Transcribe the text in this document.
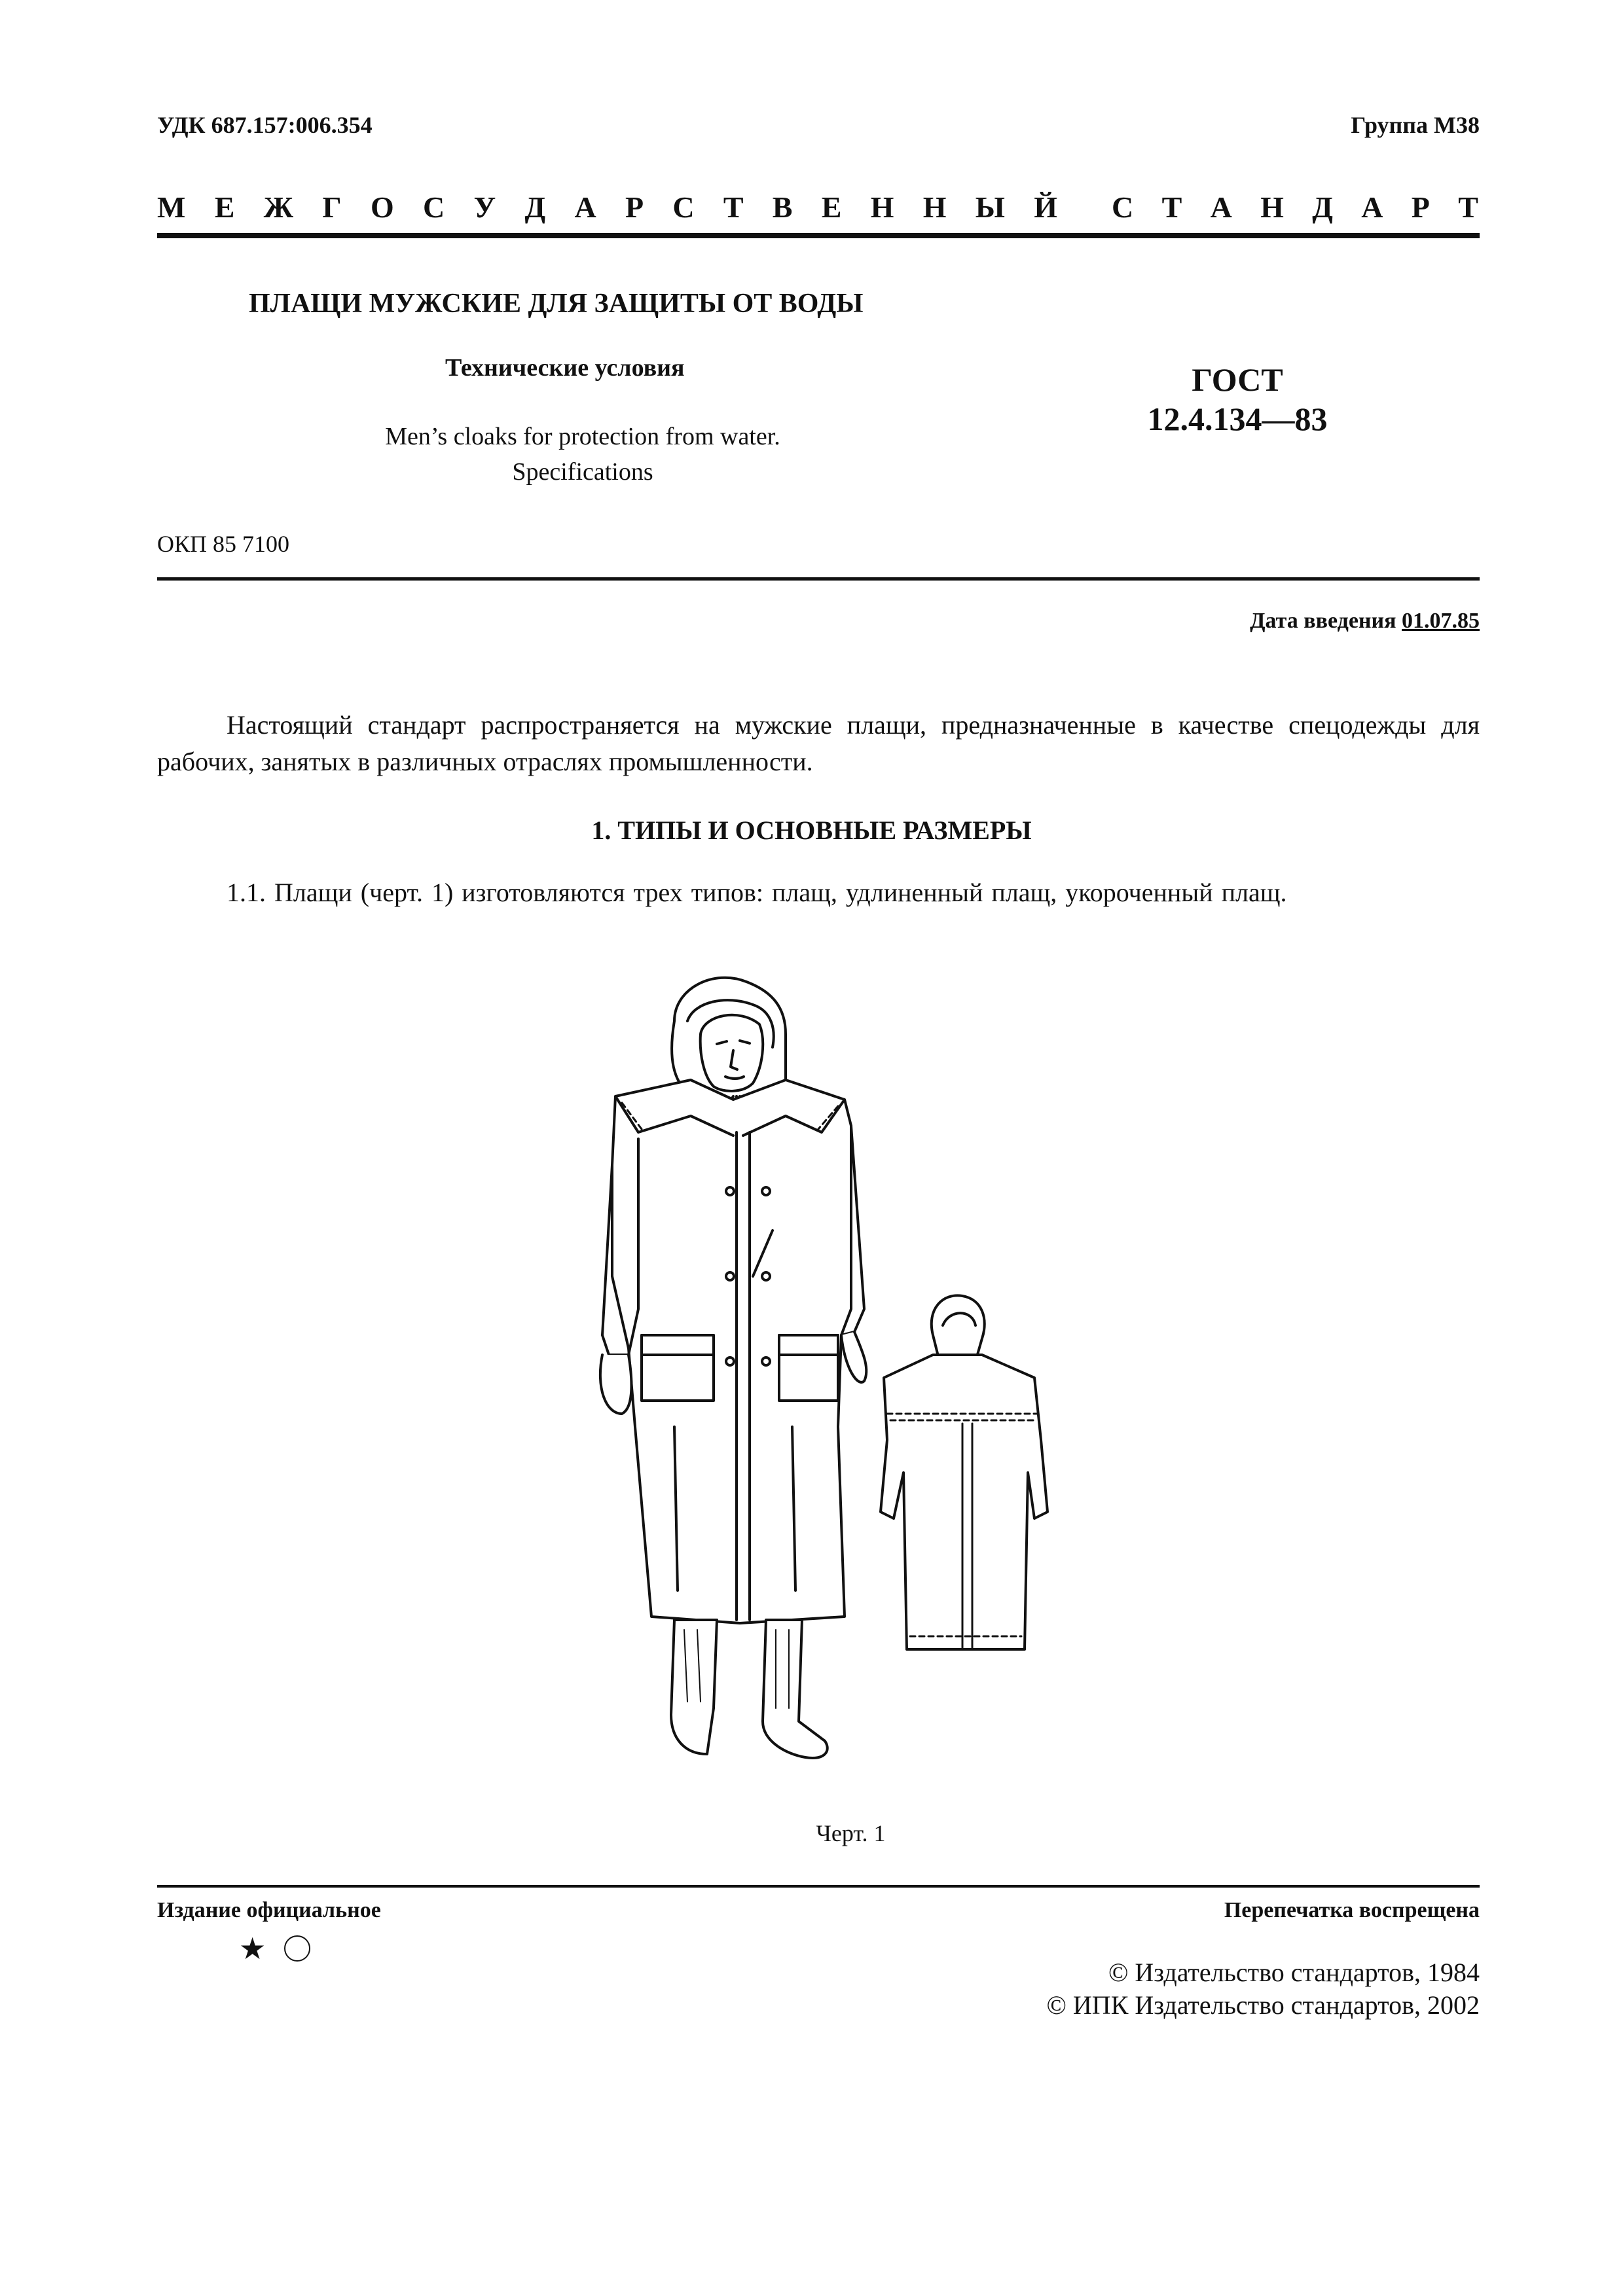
УДК 687.157:006.354	Группа М38
М Е Ж Г О С У Д А Р С Т В Е Н Н Ы Й С Т А Н Д А Р Т
ПЛАЩИ МУЖСКИЕ ДЛЯ ЗАЩИТЫ ОТ ВОДЫ
Технические условия
Men’s cloaks for protection from water.
Specifications
ГОСТ
12.4.134—83
ОКП 85 7100
Дата введения 01.07.85
Настоящий стандарт распространяется на мужские плащи, предназначенные в качестве спецодежды для рабочих, занятых в различных отраслях промышленности.
1. ТИПЫ И ОСНОВНЫЕ РАЗМЕРЫ
1.1. Плащи (черт. 1) изготовляются трех типов: плащ, удлиненный плащ, укороченный плащ.
Черт. 1
Издание официальное	Перепечатка воспрещена
★
© Издательство стандартов, 1984
© ИПК Издательство стандартов, 2002
